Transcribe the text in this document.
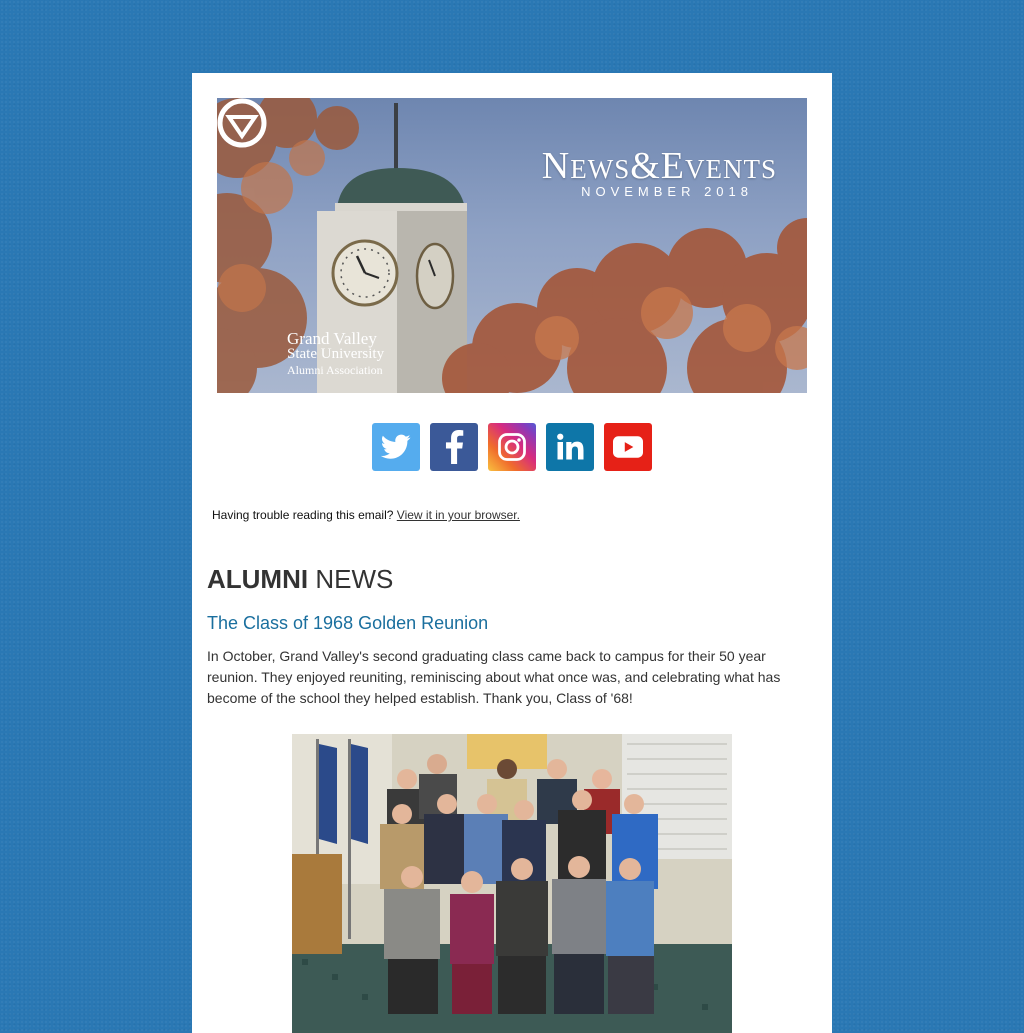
News&Events
NOVEMBER 2018
Grand Valley
State University
Alumni Association
Having trouble reading this email? View it in your browser.
ALUMNI NEWS
The Class of 1968 Golden Reunion
In October, Grand Valley's second graduating class came back to campus for their 50 year reunion. They enjoyed reuniting, reminiscing about what once was, and celebrating what has become of the school they helped establish. Thank you, Class of '68!
